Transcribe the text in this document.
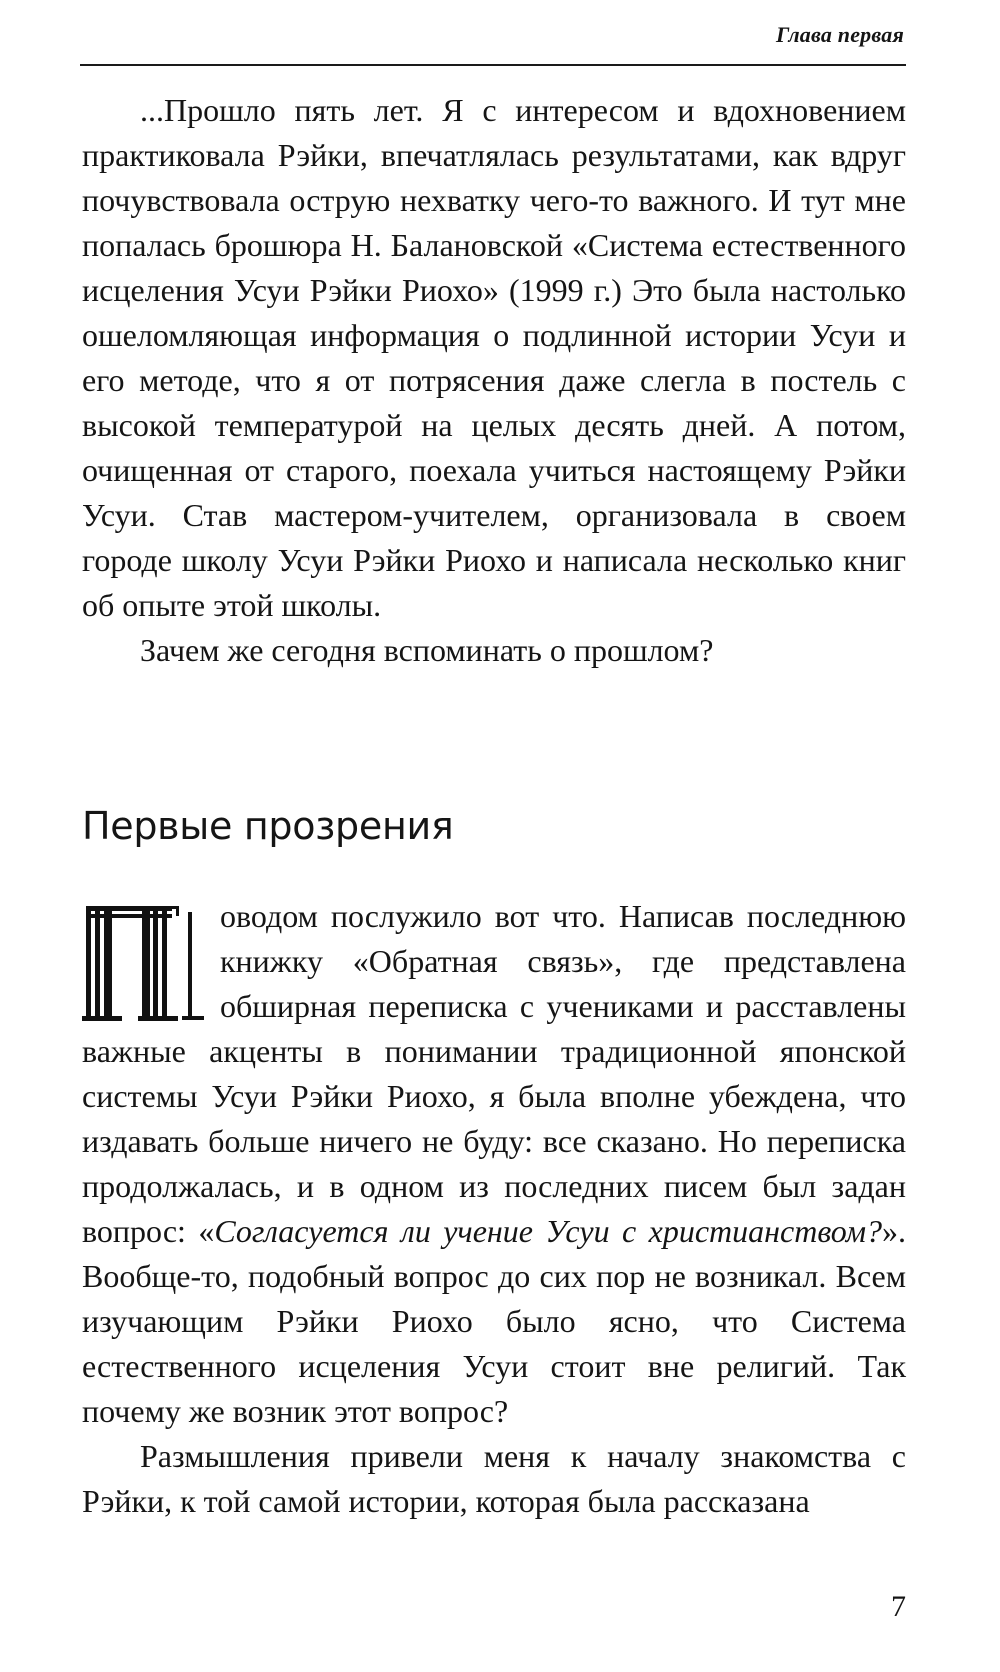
Глава первая

...Прошло пять лет. Я с интересом и вдохновением практиковала Рэйки, впечатлялась результатами, как вдруг почувствовала острую нехватку чего-то важного. И тут мне попалась брошюра Н. Балановской «Система естественного исцеления Усуи Рэйки Риохо» (1999 г.) Это была настолько ошеломляющая информация о подлинной истории Усуи и его методе, что я от потрясения даже слегла в постель с высокой температурой на целых десять дней. А потом, очищенная от старого, поехала учиться настоящему Рэйки Усуи. Став мастером-учителем, организовала в своем городе школу Усуи Рэйки Риохо и написала несколько книг об опыте этой школы.

Зачем же сегодня вспоминать о прошлом?

Первые прозрения

оводом послужило вот что. Написав последнюю книжку «Обратная связь», где представлена обширная переписка с учениками и расставлены важные акценты в понимании традиционной японской системы Усуи Рэйки Риохо, я была вполне убеждена, что издавать больше ничего не буду: все сказано. Но переписка продолжалась, и в одном из последних писем был задан вопрос: «Согласуется ли учение Усуи с христианством?». Вообще-то, подобный вопрос до сих пор не возникал. Всем изучающим Рэйки Риохо было ясно, что Система естественного исцеления Усуи стоит вне религий. Так почему же возник этот вопрос?

Размышления привели меня к началу знакомства с Рэйки, к той самой истории, которая была рассказана

7
